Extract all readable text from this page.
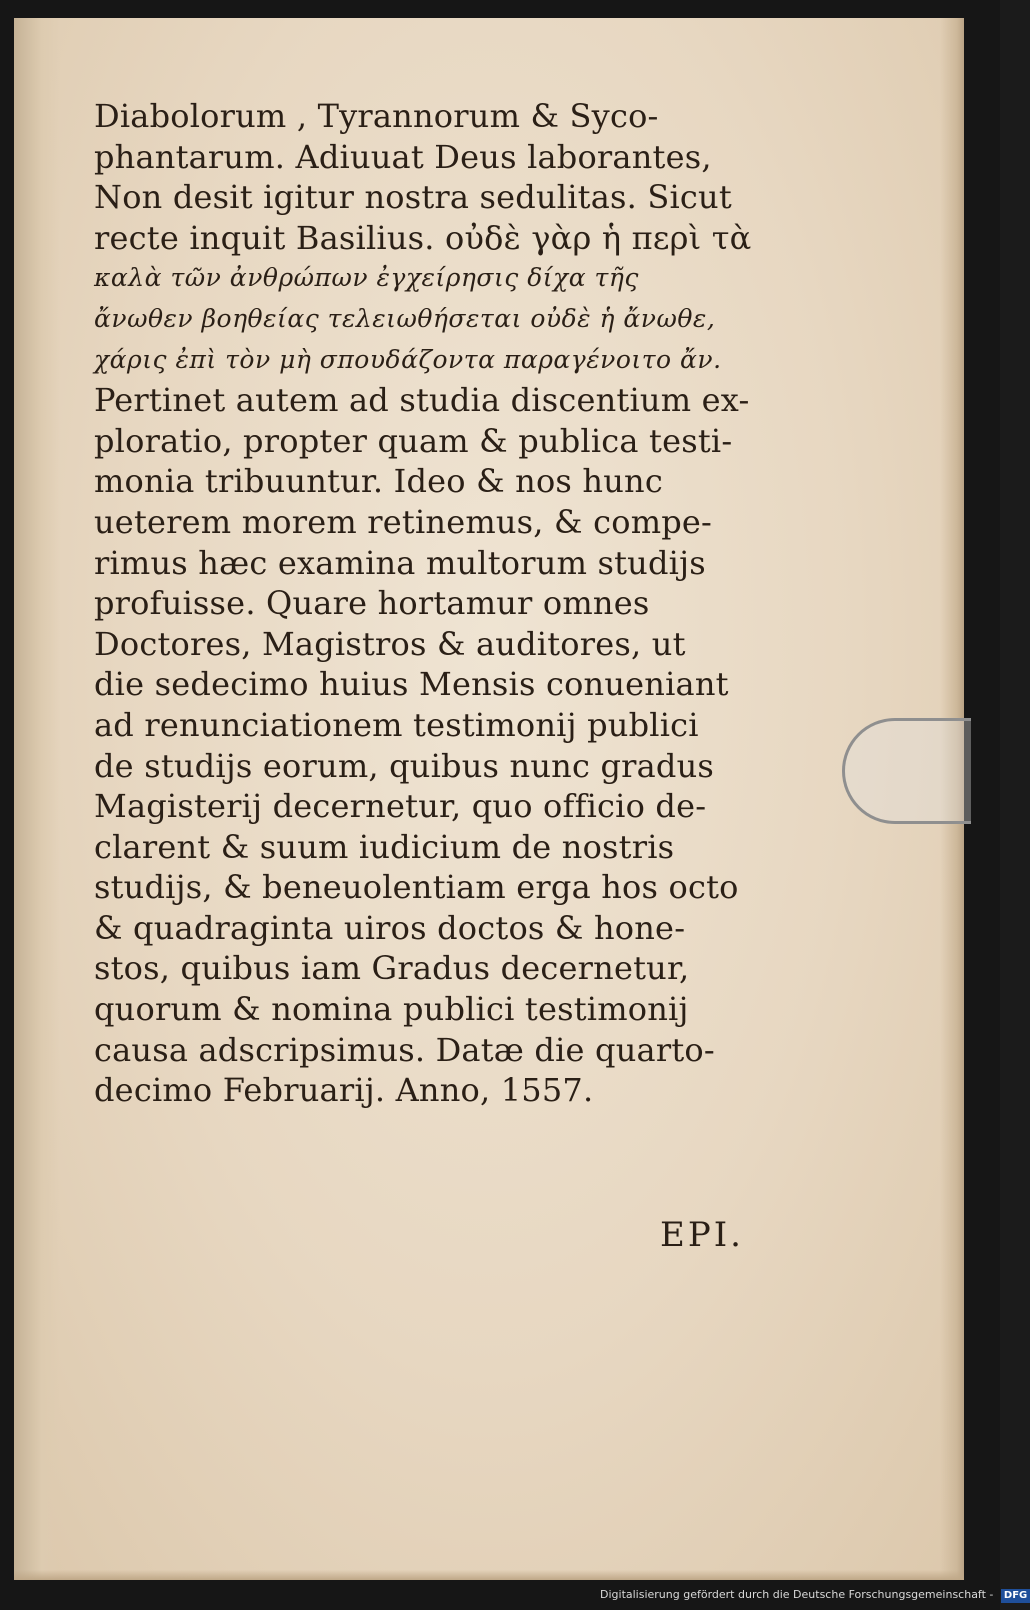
Diabolorum , Tyrannorum & Syco-
phantarum. Adiuuat Deus laborantes,
Non desit igitur nostra sedulitas. Sicut
recte inquit Basilius. οὐδὲ γὰρ ἡ περὶ τὰ
καλὰ τῶν ἀνθρώπων ἐγχείρησις δίχα τῆς
ἄνωθεν βοηθείας τελειωθήσεται οὐδὲ ἡ ἄνωθε,
χάρις ἐπὶ τὸν μὴ σπουδάζοντα παραγένοιτο ἄν.
Pertinet autem ad studia discentium ex-
ploratio, propter quam & publica testi-
monia tribuuntur. Ideo & nos hunc
ueterem morem retinemus, & compe-
rimus hæc examina multorum studijs
profuisse. Quare hortamur omnes
Doctores, Magistros & auditores, ut
die sedecimo huius Mensis conueniant
ad renunciationem testimonij publici
de studijs eorum, quibus nunc gradus
Magisterij decernetur, quo officio de-
clarent & suum iudicium de nostris
studijs, & beneuolentiam erga hos octo
& quadraginta uiros doctos & hone-
stos, quibus iam Gradus decernetur,
quorum & nomina publici testimonij
causa adscripsimus. Datæ die quarto-
decimo Februarij. Anno, 1557.
EPI.
Digitalisierung gefördert durch die Deutsche Forschungsgemeinschaft - DFG
